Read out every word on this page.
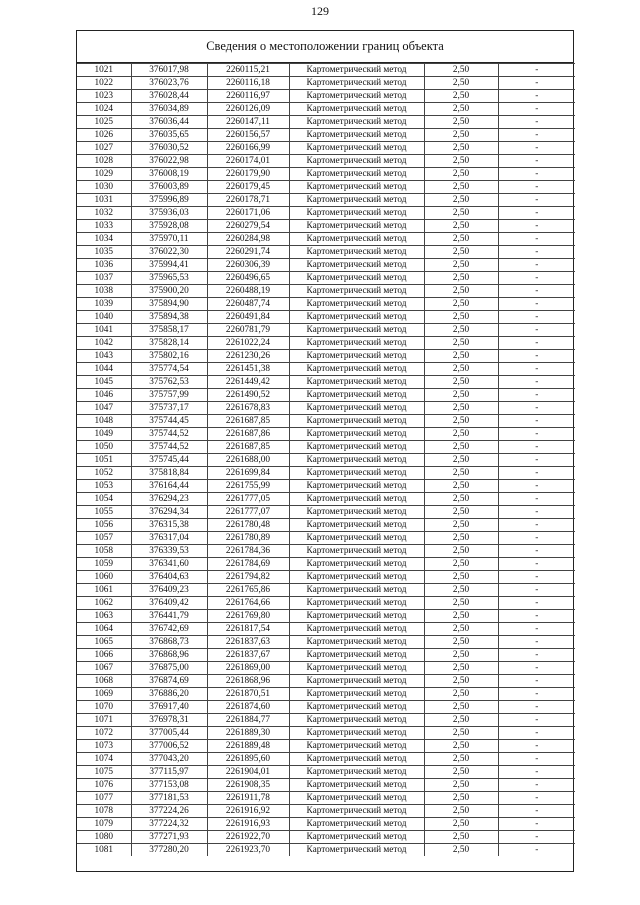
129
Сведения о местоположении границ объекта
1021	376017,98	2260115,21	Картометрический метод	2,50	-
1022	376023,76	2260116,18	Картометрический метод	2,50	-
1023	376028,44	2260116,97	Картометрический метод	2,50	-
1024	376034,89	2260126,09	Картометрический метод	2,50	-
1025	376036,44	2260147,11	Картометрический метод	2,50	-
1026	376035,65	2260156,57	Картометрический метод	2,50	-
1027	376030,52	2260166,99	Картометрический метод	2,50	-
1028	376022,98	2260174,01	Картометрический метод	2,50	-
1029	376008,19	2260179,90	Картометрический метод	2,50	-
1030	376003,89	2260179,45	Картометрический метод	2,50	-
1031	375996,89	2260178,71	Картометрический метод	2,50	-
1032	375936,03	2260171,06	Картометрический метод	2,50	-
1033	375928,08	2260279,54	Картометрический метод	2,50	-
1034	375970,11	2260284,98	Картометрический метод	2,50	-
1035	376022,30	2260291,74	Картометрический метод	2,50	-
1036	375994,41	2260306,39	Картометрический метод	2,50	-
1037	375965,53	2260496,65	Картометрический метод	2,50	-
1038	375900,20	2260488,19	Картометрический метод	2,50	-
1039	375894,90	2260487,74	Картометрический метод	2,50	-
1040	375894,38	2260491,84	Картометрический метод	2,50	-
1041	375858,17	2260781,79	Картометрический метод	2,50	-
1042	375828,14	2261022,24	Картометрический метод	2,50	-
1043	375802,16	2261230,26	Картометрический метод	2,50	-
1044	375774,54	2261451,38	Картометрический метод	2,50	-
1045	375762,53	2261449,42	Картометрический метод	2,50	-
1046	375757,99	2261490,52	Картометрический метод	2,50	-
1047	375737,17	2261678,83	Картометрический метод	2,50	-
1048	375744,45	2261687,85	Картометрический метод	2,50	-
1049	375744,52	2261687,86	Картометрический метод	2,50	-
1050	375744,52	2261687,85	Картометрический метод	2,50	-
1051	375745,44	2261688,00	Картометрический метод	2,50	-
1052	375818,84	2261699,84	Картометрический метод	2,50	-
1053	376164,44	2261755,99	Картометрический метод	2,50	-
1054	376294,23	2261777,05	Картометрический метод	2,50	-
1055	376294,34	2261777,07	Картометрический метод	2,50	-
1056	376315,38	2261780,48	Картометрический метод	2,50	-
1057	376317,04	2261780,89	Картометрический метод	2,50	-
1058	376339,53	2261784,36	Картометрический метод	2,50	-
1059	376341,60	2261784,69	Картометрический метод	2,50	-
1060	376404,63	2261794,82	Картометрический метод	2,50	-
1061	376409,23	2261765,86	Картометрический метод	2,50	-
1062	376409,42	2261764,66	Картометрический метод	2,50	-
1063	376441,79	2261769,80	Картометрический метод	2,50	-
1064	376742,69	2261817,54	Картометрический метод	2,50	-
1065	376868,73	2261837,63	Картометрический метод	2,50	-
1066	376868,96	2261837,67	Картометрический метод	2,50	-
1067	376875,00	2261869,00	Картометрический метод	2,50	-
1068	376874,69	2261868,96	Картометрический метод	2,50	-
1069	376886,20	2261870,51	Картометрический метод	2,50	-
1070	376917,40	2261874,60	Картометрический метод	2,50	-
1071	376978,31	2261884,77	Картометрический метод	2,50	-
1072	377005,44	2261889,30	Картометрический метод	2,50	-
1073	377006,52	2261889,48	Картометрический метод	2,50	-
1074	377043,20	2261895,60	Картометрический метод	2,50	-
1075	377115,97	2261904,01	Картометрический метод	2,50	-
1076	377153,08	2261908,35	Картометрический метод	2,50	-
1077	377181,53	2261911,78	Картометрический метод	2,50	-
1078	377224,26	2261916,92	Картометрический метод	2,50	-
1079	377224,32	2261916,93	Картометрический метод	2,50	-
1080	377271,93	2261922,70	Картометрический метод	2,50	-
1081	377280,20	2261923,70	Картометрический метод	2,50	-
